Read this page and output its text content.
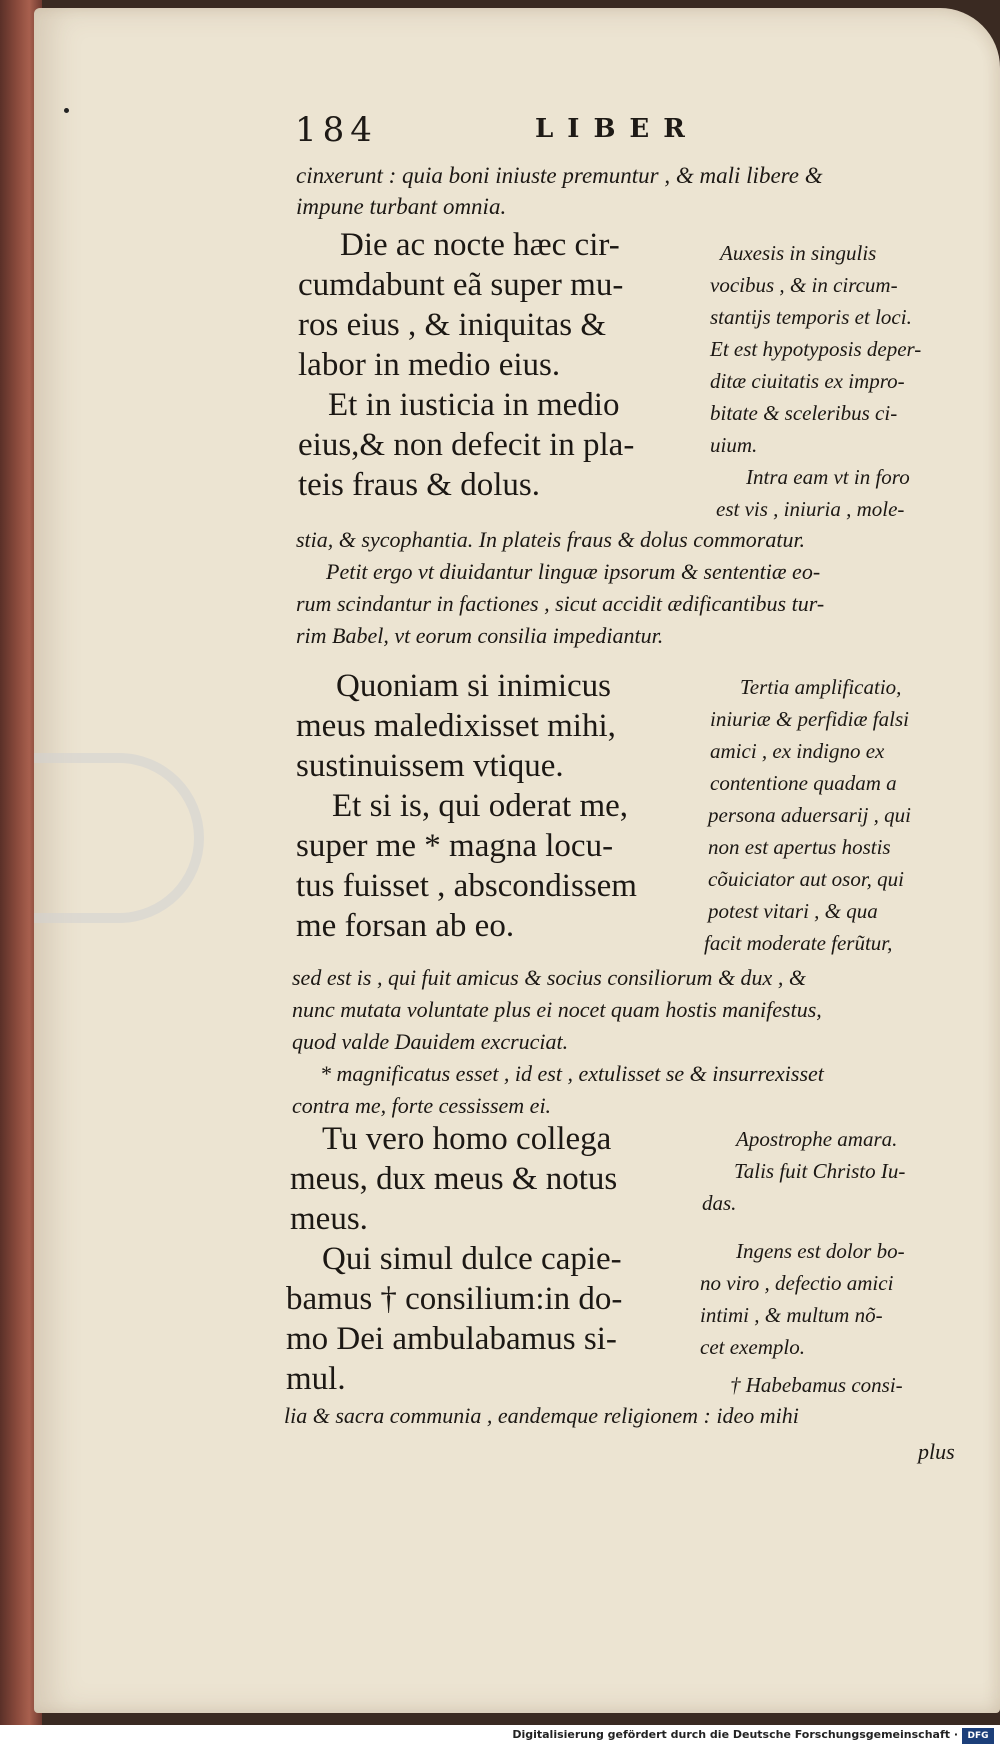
184	LIBER
cinxerunt : quia boni iniuste premuntur , & mali libere &
impune turbant omnia.
Die ac nocte hæc cir-
cumdabunt eã super mu-
ros eius , & iniquitas &
labor in medio eius.
Et in iusticia in medio
eius,& non defecit in pla-
teis fraus & dolus.
Auxesis in singulis
vocibus , & in circum-
stantijs temporis et loci.
Et est hypotyposis deper-
ditæ ciuitatis ex impro-
bitate & sceleribus ci-
uium.
Intra eam vt in foro
est vis , iniuria , mole-
stia, & sycophantia. In plateis fraus & dolus commoratur.
Petit ergo vt diuidantur linguæ ipsorum & sententiæ eo-
rum scindantur in factiones , sicut accidit ædificantibus tur-
rim Babel, vt eorum consilia impediantur.
Quoniam si inimicus
meus maledixisset mihi,
sustinuissem vtique.
Et si is, qui oderat me,
super me * magna locu-
tus fuisset , abscondissem
me forsan ab eo.
Tertia amplificatio,
iniuriæ & perfidiæ falsi
amici , ex indigno ex
contentione quadam a
persona aduersarij , qui
non est apertus hostis
cõuiciator aut osor, qui
potest vitari , & qua
facit moderate ferũtur,
sed est is , qui fuit amicus & socius consiliorum & dux , &
nunc mutata voluntate plus ei nocet quam hostis manifestus,
quod valde Dauidem excruciat.
* magnificatus esset , id est , extulisset se & insurrexisset
contra me, forte cessissem ei.
Tu vero homo collega
meus, dux meus & notus
meus.
Qui simul dulce capie-
bamus † consilium:in do-
mo Dei ambulabamus si-
mul.
Apostrophe amara.
Talis fuit Christo Iu-
das.
Ingens est dolor bo-
no viro , defectio amici
intimi , & multum nõ-
cet exemplo.
† Habebamus consi-
lia & sacra communia , eandemque religionem : ideo mihi
plus
Digitalisierung gefördert durch die Deutsche Forschungsgemeinschaft ·	DFG
